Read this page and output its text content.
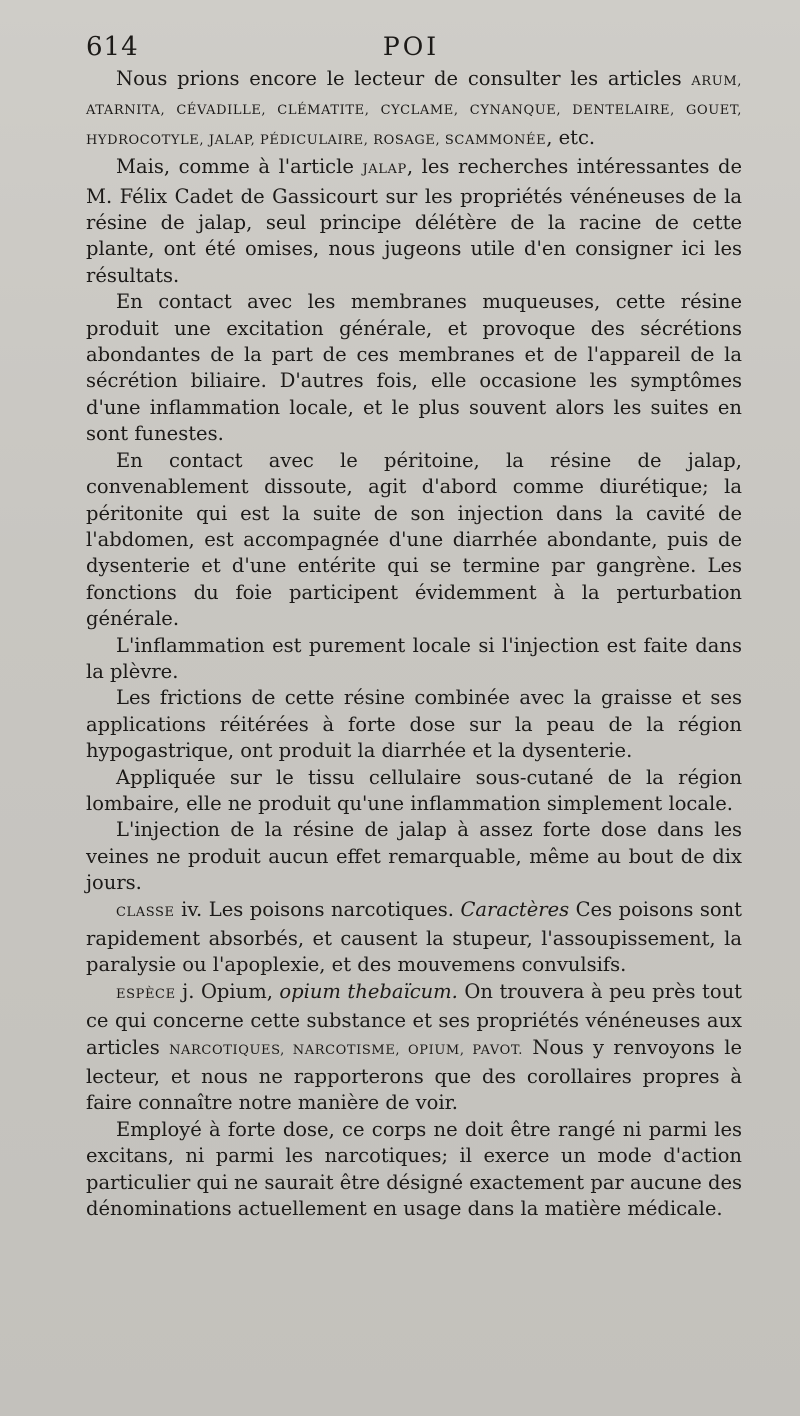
614	POI

Nous prions encore le lecteur de consulter les articles ARUM, ATARNITA, CÉVADILLE, CLÉMATITE, CYCLAME, CYNANQUE, DENTELAIRE, GOUET, HYDROCOTYLE, JALAP, PÉDICULAIRE, ROSAGE, SCAMMONÉE, etc.

Mais, comme à l'article JALAP, les recherches intéressantes de M. Félix Cadet de Gassicourt sur les propriétés vénéneuses de la résine de jalap, seul principe délétère de la racine de cette plante, ont été omises, nous jugeons utile d'en consigner ici les résultats.

En contact avec les membranes muqueuses, cette résine produit une excitation générale, et provoque des sécrétions abondantes de la part de ces membranes et de l'appareil de la sécrétion biliaire. D'autres fois, elle occasione les symptômes d'une inflammation locale, et le plus souvent alors les suites en sont funestes.

En contact avec le péritoine, la résine de jalap, convenablement dissoute, agit d'abord comme diurétique; la péritonite qui est la suite de son injection dans la cavité de l'abdomen, est accompagnée d'une diarrhée abondante, puis de dysenterie et d'une entérite qui se termine par gangrène. Les fonctions du foie participent évidemment à la perturbation générale.

L'inflammation est purement locale si l'injection est faite dans la plèvre.

Les frictions de cette résine combinée avec la graisse et ses applications réitérées à forte dose sur la peau de la région hypogastrique, ont produit la diarrhée et la dysenterie.

Appliquée sur le tissu cellulaire sous-cutané de la région lombaire, elle ne produit qu'une inflammation simplement locale.

L'injection de la résine de jalap à assez forte dose dans les veines ne produit aucun effet remarquable, même au bout de dix jours.

CLASSE iv. Les poisons narcotiques. Caractères Ces poisons sont rapidement absorbés, et causent la stupeur, l'assoupissement, la paralysie ou l'apoplexie, et des mouvemens convulsifs.

ESPÈCE j. Opium, opium thebaïcum. On trouvera à peu près tout ce qui concerne cette substance et ses propriétés vénéneuses aux articles NARCOTIQUES, NARCOTISME, OPIUM, PAVOT. Nous y renvoyons le lecteur, et nous ne rapporterons que des corollaires propres à faire connaître notre manière de voir.

Employé à forte dose, ce corps ne doit être rangé ni parmi les excitans, ni parmi les narcotiques; il exerce un mode d'action particulier qui ne saurait être désigné exactement par aucune des dénominations actuellement en usage dans la matière médicale.
